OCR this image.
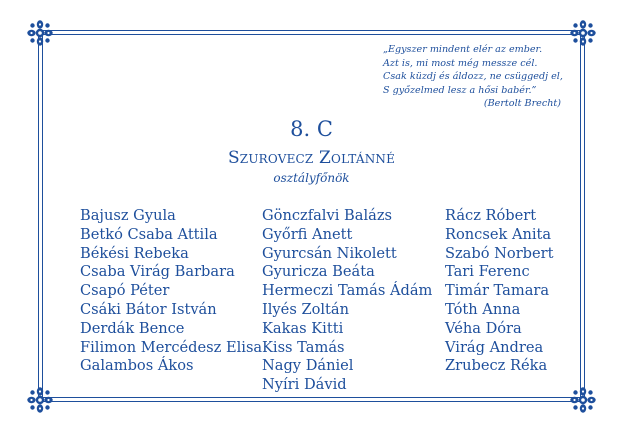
„Egyszer mindent elér az ember.
Azt is, mi most még messze cél.
Csak küzdj és áldozz, ne csüggedj el,
S győzelmed lesz a hősi babér.”
(Bertolt Brecht)
8. C
Szurovecz Zoltánné
osztályfőnök
Bajusz Gyula
Betkó Csaba Attila
Békési Rebeka
Csaba Virág Barbara
Csapó Péter
Csáki Bátor István
Derdák Bence
Filimon Mercédesz Elisa
Galambos Ákos
Gönczfalvi Balázs
Győrfi Anett
Gyurcsán Nikolett
Gyuricza Beáta
Hermeczi Tamás Ádám
Ilyés Zoltán
Kakas Kitti
Kiss Tamás
Nagy Dániel
Nyíri Dávid
Rácz Róbert
Roncsek Anita
Szabó Norbert
Tari Ferenc
Timár Tamara
Tóth Anna
Véha Dóra
Virág Andrea
Zrubecz Réka
